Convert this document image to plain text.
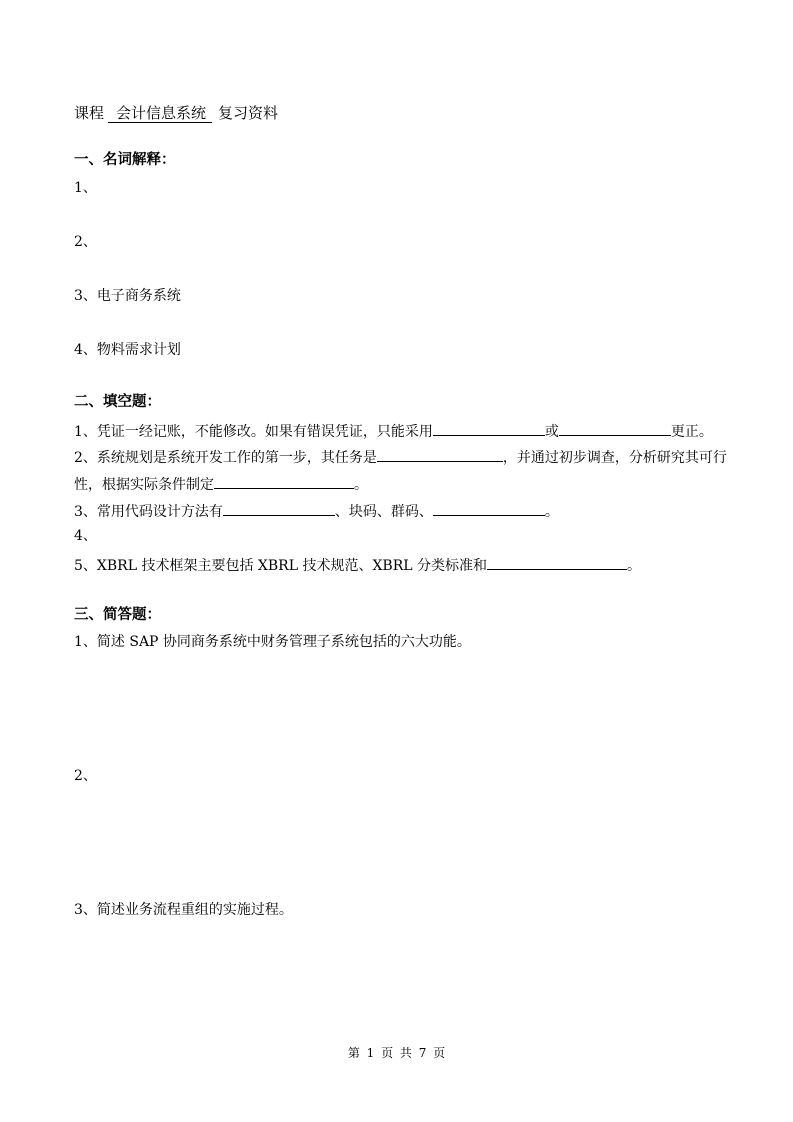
课程 会计信息系统 复习资料
一、名词解释：
1、
2、
3、电子商务系统
4、物料需求计划
二、填空题：
1、凭证一经记账，不能修改。如果有错误凭证，只能采用	或	更正。
2、系统规划是系统开发工作的第一步，其任务是	，并通过初步调查，分析研究其可行
性，根据实际条件制定	。
3、常用代码设计方法有	、块码、群码、	。
4、
5、XBRL 技术框架主要包括 XBRL 技术规范、XBRL 分类标准和	。
三、简答题：
1、简述 SAP 协同商务系统中财务管理子系统包括的六大功能。
2、
3、简述业务流程重组的实施过程。
第 1 页 共 7 页
